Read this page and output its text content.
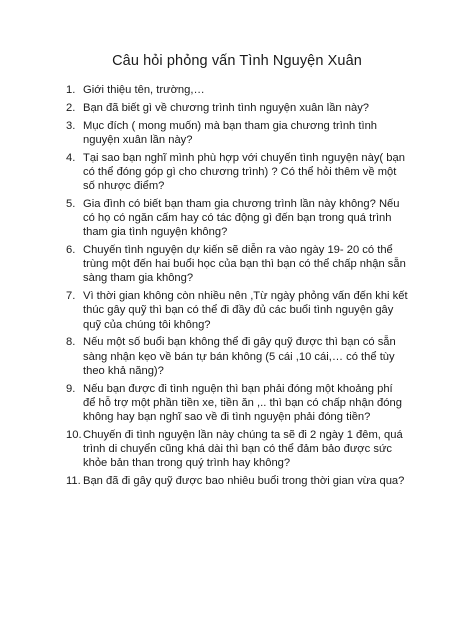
Câu hỏi phỏng vấn Tình Nguyện Xuân
1. Giới thiệu tên, trường,…
2. Bạn đã biết gì về chương trình tình nguyện xuân lần này?
3. Mục đích ( mong muốn) mà bạn tham gia chương trình tình nguyện xuân lần này?
4. Tại sao bạn nghĩ mình phù hợp với chuyến tình nguyện này( bạn có thể đóng góp gì cho chương trình) ? Có thể hỏi thêm về một số nhược điểm?
5. Gia đình có biết bạn tham gia chương trình lần này không? Nếu có họ có ngăn cấm hay có tác động gì đến bạn trong quá trình tham gia tình nguyện không?
6. Chuyến tình nguyện dự kiến sẽ diễn ra vào ngày 19- 20 có thể trùng một đến hai buổi học của bạn thì bạn có thể chấp nhận sẵn sàng tham gia không?
7. Vì thời gian không còn nhiều nên ,Từ ngày phỏng vấn đến khi kết thúc gây quỹ thì bạn có thể đi đầy đủ các buổi tình nguyện gây quỹ của chúng tôi không?
8. Nếu một số buổi bạn không thể đi gây quỹ được thì bạn có sẵn sàng nhận kẹo về bán tự bán không (5 cái ,10 cái,… có thể tùy theo khả năng)?
9. Nếu bạn được đi tình nguện thì bạn phải đóng một khoảng phí để hỗ trợ một phần tiền xe, tiền ăn ,.. thì bạn có chấp nhận đóng không hay bạn nghĩ sao về đi tình nguyện phải đóng tiền?
10. Chuyến đi tình nguyện lần này chúng ta sẽ đi 2 ngày 1 đêm, quá trình di chuyển cũng khá dài thì bạn có thể đảm bảo được sức khỏe bản than trong quý trình hay không?
11. Bạn đã đi gây quỹ được bao nhiêu buổi trong thời gian vừa qua?
